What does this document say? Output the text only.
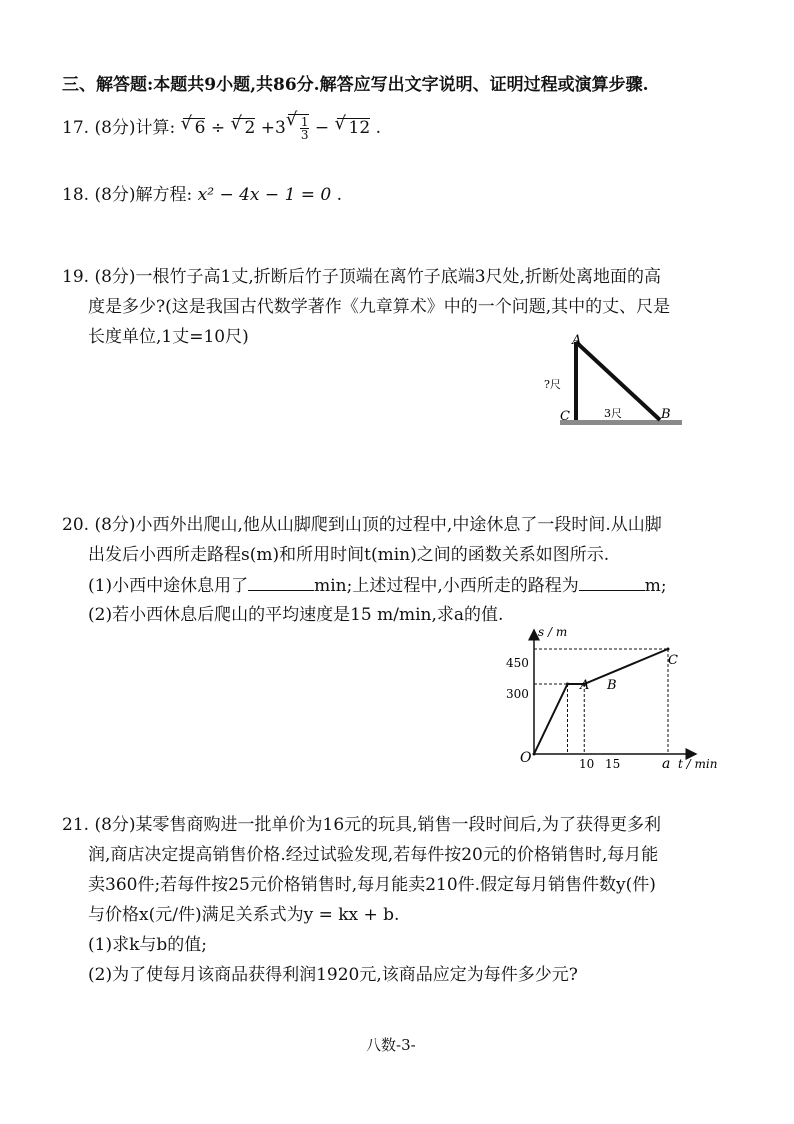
三、解答题:本题共9小题,共86分.解答应写出文字说明、证明过程或演算步骤.
17. (8分)计算: √ 6 ÷ √ 2 +3 √ $\frac{1}{3}$ − √ 12 .
18. (8分)解方程: x² − 4x − 1 = 0 .
19. (8分)一根竹子高1丈,折断后竹子顶端在离竹子底端3尺处,折断处离地面的高
度是多少?(这是我国古代数学著作《九章算术》中的一个问题,其中的丈、尺是
长度单位,1丈=10尺)	A
C	B
?尺
3尺
20. (8分)小西外出爬山,他从山脚爬到山顶的过程中,中途休息了一段时间.从山脚
出发后小西所走路程s(m)和所用时间t(min)之间的函数关系如图所示.
(1)小西中途休息用了	min;上述过程中,小西所走的路程为	m;
(2)若小西休息后爬山的平均速度是15 m/min,求a的值.
s / m
t / min
O
300
450
10 15	a
A B
C
21. (8分)某零售商购进一批单价为16元的玩具,销售一段时间后,为了获得更多利
润,商店决定提高销售价格.经过试验发现,若每件按20元的价格销售时,每月能
卖360件;若每件按25元价格销售时,每月能卖210件.假定每月销售件数y(件)
与价格x(元/件)满足关系式为y = kx + b.
(1)求k与b的值;
(2)为了使每月该商品获得利润1920元,该商品应定为每件多少元?
八数-3-
